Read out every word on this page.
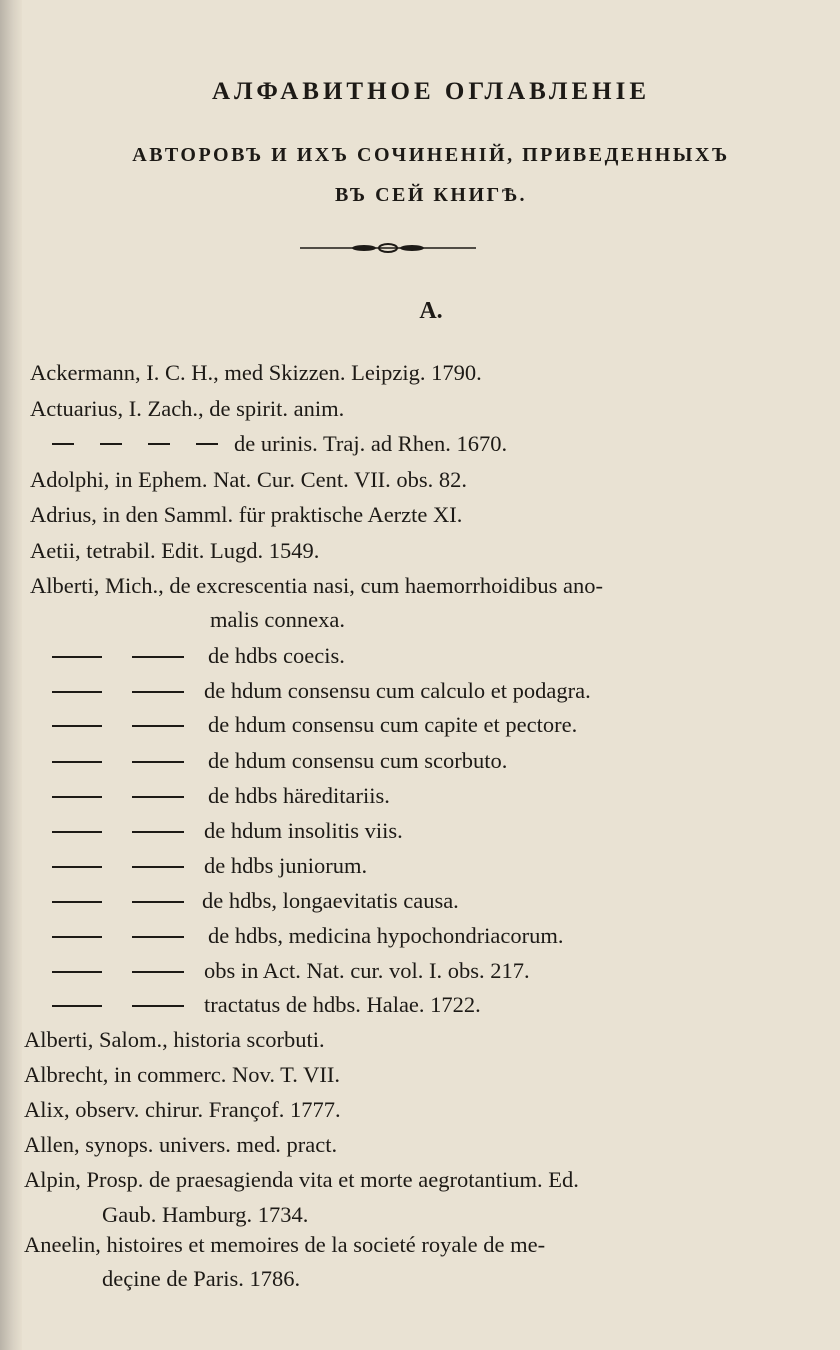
АЛФАВИТНОЕ ОГЛАВЛЕНІЕ
АВТОРОВЪ И ИХЪ СОЧИНЕНІЙ, ПРИВЕДЕННЫХЪ
ВЪ СЕЙ КНИГѢ.
A.
Ackermann, I. C. H., med Skizzen. Leipzig. 1790.
Actuarius, I. Zach., de spirit. anim.
de urinis. Traj. ad Rhen. 1670.
Adolphi, in Ephem. Nat. Cur. Cent. VII. obs. 82.
Adrius, in den Samml. für praktische Aerzte XI.
Aetii, tetrabil. Edit. Lugd. 1549.
Alberti, Mich., de excrescentia nasi, cum haemorrhoidibus ano-
malis connexa.
de hdbs coecis.
de hdum consensu cum calculo et podagra.
de hdum consensu cum capite et pectore.
de hdum consensu cum scorbuto.
de hdbs häreditariis.
de hdum insolitis viis.
de hdbs juniorum.
de hdbs, longaevitatis causa.
de hdbs, medicina hypochondriacorum.
obs in Act. Nat. cur. vol. I. obs. 217.
tractatus de hdbs. Halae. 1722.
Alberti, Salom., historia scorbuti.
Albrecht, in commerc. Nov. T. VII.
Alix, observ. chirur. Françof. 1777.
Allen, synops. univers. med. pract.
Alpin, Prosp. de praesagienda vita et morte aegrotantium. Ed.
Gaub. Hamburg. 1734.
Aneelin, histoires et memoires de la societé royale de me-
deçine de Paris. 1786.
